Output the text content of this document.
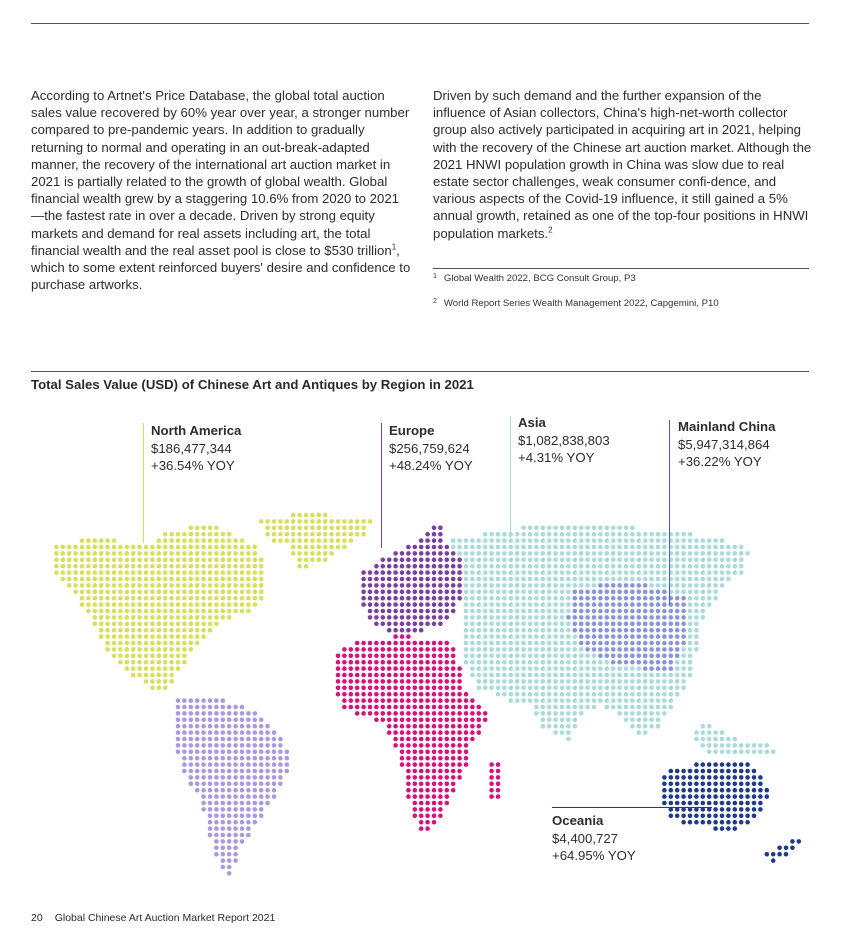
According to Artnet's Price Database, the global total auction sales value recovered by 60% year over year, a stronger number compared to pre-pandemic years. In addition to gradually returning to normal and operating in an out-break-adapted manner, the recovery of the international art auction market in 2021 is partially related to the growth of global wealth. Global financial wealth grew by a staggering 10.6% from 2020 to 2021—the fastest rate in over a decade. Driven by strong equity markets and demand for real assets including art, the total financial wealth and the real asset pool is close to $530 trillion$^1$, which to some extent reinforced buyers' desire and confidence to purchase artworks.
Driven by such demand and the further expansion of the influence of Asian collectors, China's high-net-worth collector group also actively participated in acquiring art in 2021, helping with the recovery of the Chinese art auction market. Although the 2021 HNWI population growth in China was slow due to real estate sector challenges, weak consumer confi-dence, and various aspects of the Covid-19 influence, it still gained a 5% annual growth, retained as one of the top-four positions in HNWI population markets.$^2$
$^1$ Global Wealth 2022, BCG Consult Group, P3
$^2$ World Report Series Wealth Management 2022, Capgemini, P10
Total Sales Value (USD) of Chinese Art and Antiques by Region in 2021
North America
$186,477,344
+36.54% YOY
Europe
$256,759,624
+48.24% YOY
Asia
$1,082,838,803
+4.31% YOY
Mainland China
$5,947,314,864
+36.22% YOY
Oceania
$4,400,727
+64.95% YOY
20 Global Chinese Art Auction Market Report 2021
